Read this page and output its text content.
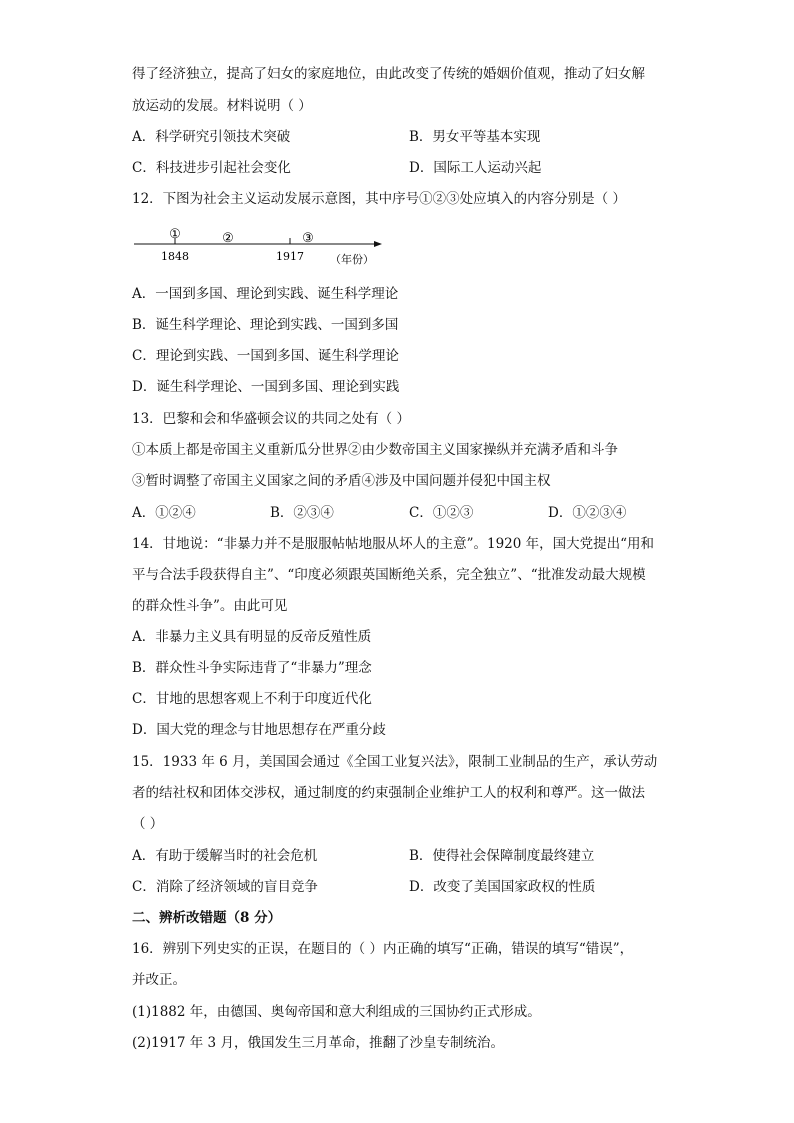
得了经济独立，提高了妇女的家庭地位，由此改变了传统的婚姻价值观，推动了妇女解
放运动的发展。材料说明（ ）
A．科学研究引领技术突破	B．男女平等基本实现
C．科技进步引起社会变化	D．国际工人运动兴起
12．下图为社会主义运动发展示意图，其中序号①②③处应填入的内容分别是（ ）
①	②	③
1848	1917 （年份）
A．一国到多国、理论到实践、诞生科学理论
B．诞生科学理论、理论到实践、一国到多国
C．理论到实践、一国到多国、诞生科学理论
D．诞生科学理论、一国到多国、理论到实践
13．巴黎和会和华盛顿会议的共同之处有（ ）
①本质上都是帝国主义重新瓜分世界②由少数帝国主义国家操纵并充满矛盾和斗争
③暂时调整了帝国主义国家之间的矛盾④涉及中国问题并侵犯中国主权
A．①②④	B．②③④	C．①②③	D．①②③④
14．甘地说：“非暴力并不是服服帖帖地服从坏人的主意”。1920 年，国大党提出“用和
平与合法手段获得自主”、“印度必须跟英国断绝关系，完全独立”、“批准发动最大规模
的群众性斗争”。由此可见
A．非暴力主义具有明显的反帝反殖性质
B．群众性斗争实际违背了“非暴力”理念
C．甘地的思想客观上不利于印度近代化
D．国大党的理念与甘地思想存在严重分歧
15．1933 年 6 月，美国国会通过《全国工业复兴法》，限制工业制品的生产，承认劳动
者的结社权和团体交涉权，通过制度的约束强制企业维护工人的权利和尊严。这一做法
（ ）
A．有助于缓解当时的社会危机	B．使得社会保障制度最终建立
C．消除了经济领域的盲目竞争	D．改变了美国国家政权的性质
二、辨析改错题（8 分）
16．辨别下列史实的正误，在题目的（ ）内正确的填写“正确，错误的填写“错误”，
并改正。
(1)1882 年，由德国、奥匈帝国和意大利组成的三国协约正式形成。
(2)1917 年 3 月，俄国发生三月革命，推翻了沙皇专制统治。
